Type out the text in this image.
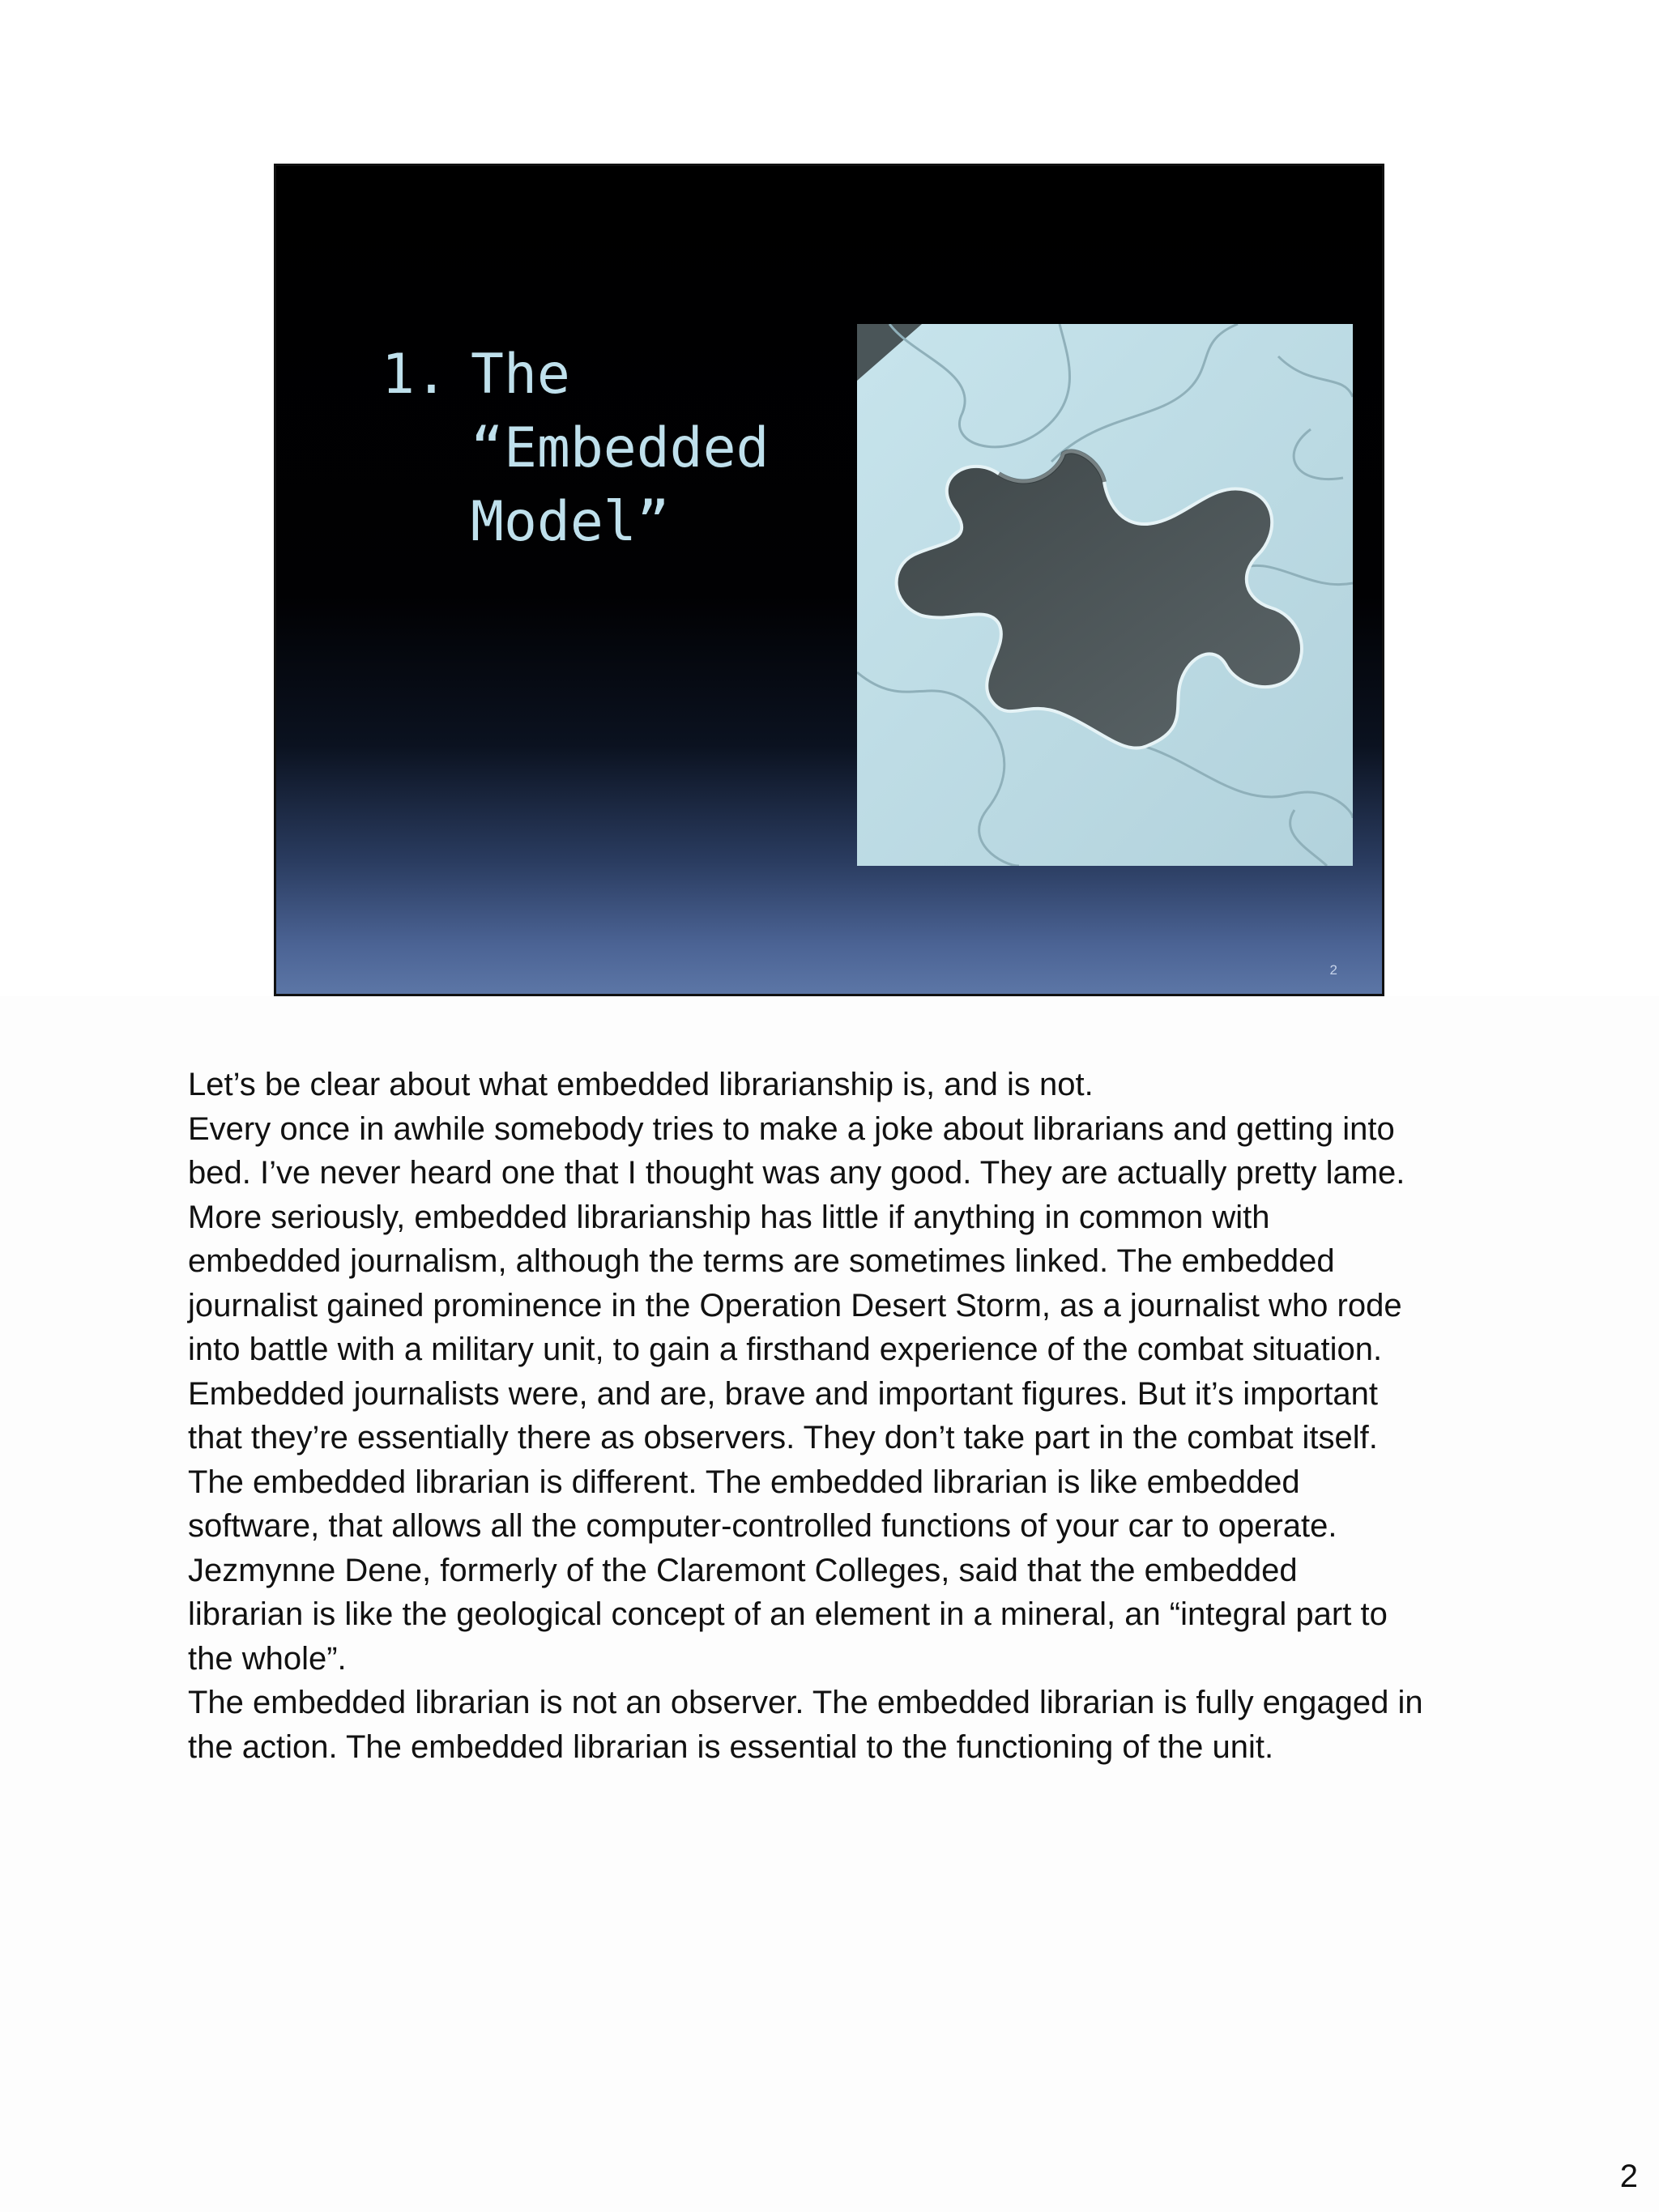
1. The
“Embedded
Model”
2

Let’s be clear about what embedded librarianship is, and is not.

Every once in awhile somebody tries to make a joke about librarians and getting into

bed. I’ve never heard one that I thought was any good. They are actually pretty lame.

More seriously, embedded librarianship has little if anything in common with

embedded journalism, although the terms are sometimes linked. The embedded

journalist gained prominence in the Operation Desert Storm, as a journalist who rode

into battle with a military unit, to gain a firsthand experience of the combat situation.

Embedded journalists were, and are, brave and important figures. But it’s important

that they’re essentially there as observers. They don’t take part in the combat itself.

The embedded librarian is different. The embedded librarian is like embedded

software, that allows all the computer-controlled functions of your car to operate.

Jezmynne Dene, formerly of the Claremont Colleges, said that the embedded

librarian is like the geological concept of an element in a mineral, an “integral part to

the whole”.

The embedded librarian is not an observer. The embedded librarian is fully engaged in

the action. The embedded librarian is essential to the functioning of the unit.

2
